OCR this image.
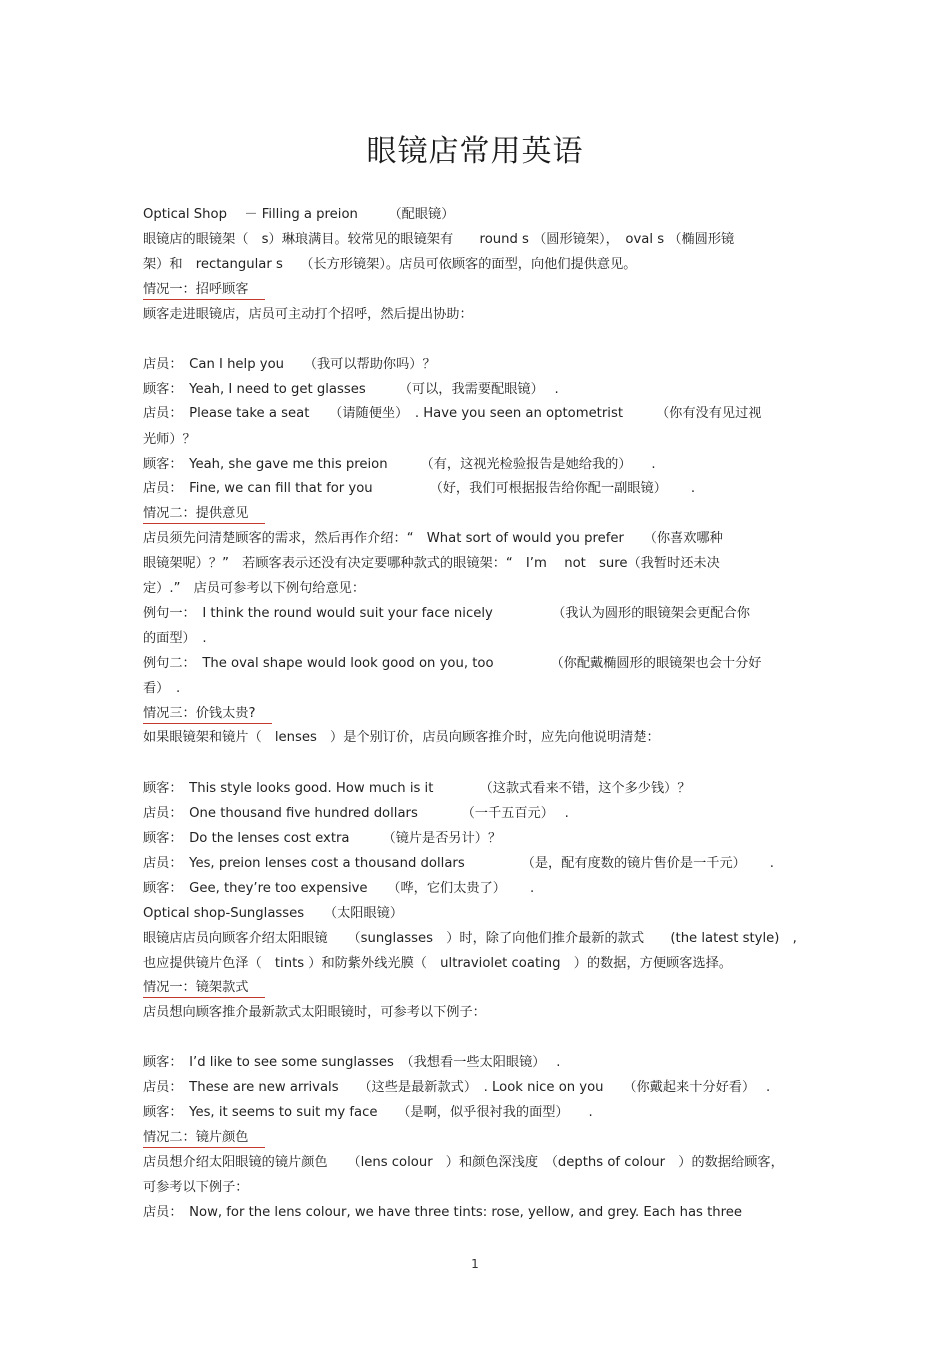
眼镜店常用英语
Optical Shop　 － Filling a preion　　 （配眼镜）
眼镜店的眼镜架（　s）琳琅满目。较常见的眼镜架有　　round s （圆形镜架），　oval s （椭圆形镜
架）和　rectangular s　 （长方形镜架）。店员可依顾客的面型，向他们提供意见。
情况一：招呼顾客
顾客走进眼镜店，店员可主动打个招呼，然后提出协助：
店员：　Can I help you　　（我可以帮助你吗）？
顾客：　Yeah, I need to get glasses　　　（可以，我需要配眼镜）　 .
店员：　Please take a seat　　（请随便坐）　. Have you seen an optometrist　　　（你有没有见过视
光师）？
顾客：　Yeah, she gave me this preion　　　（有，这视光检验报告是她给我的）　　.
店员：　Fine, we can fill that for you　　　　 （好，我们可根据报告给你配一副眼镜）　　 .
情况二：提供意见
店员须先问清楚顾客的需求，然后再作介绍：“　What sort of would you prefer　　（你喜欢哪种
眼镜架呢）？”　若顾客表示还没有决定要哪种款式的眼镜架：“　I’m　 not　sure（我暂时还未决
定）.”　店员可参考以下例句给意见：
例句一：　I think the round would suit your face nicely　　　　　（我认为圆形的眼镜架会更配合你
的面型）　.
例句二：　The oval shape would look good on you, too　　　　 （你配戴椭圆形的眼镜架也会十分好
看）　.
情况三：价钱太贵?
如果眼镜架和镜片（　lenses　）是个别订价，店员向顾客推介时，应先向他说明清楚：
顾客：　This style looks good. How much is it　　　　（这款式看来不错，这个多少钱）？
店员：　One thousand five hundred dollars　　　 （一千五百元）　 .
顾客：　Do the lenses cost extra　　　（镜片是否另计）？
店员：　Yes, preion lenses cost a thousand dollars　　　　 （是，配有度数的镜片售价是一千元）　　 .
顾客：　Gee, they’re too expensive　　（哗，它们太贵了）　　 .
Optical shop-Sunglasses　　（太阳眼镜）
眼镜店店员向顾客介绍太阳眼镜　　（sunglasses　）时，除了向他们推介最新的款式　　(the latest style)　,
也应提供镜片色泽（　tints ）和防紫外线光膜（　ultraviolet coating　）的数据，方便顾客选择。
情况一：镜架款式
店员想向顾客推介最新款式太阳眼镜时，可参考以下例子：
顾客：　I’d like to see some sunglasses　（我想看一些太阳眼镜）　 .
店员：　These are new arrivals　　（这些是最新款式）　. Look nice on you　　（你戴起来十分好看）　 .
顾客：　Yes, it seems to suit my face　　（是啊，似乎很衬我的面型）　　.
情况二：镜片颜色
店员想介绍太阳眼镜的镜片颜色　　（lens colour　）和颜色深浅度　（depths of colour　）的数据给顾客，
可参考以下例子：
店员：　Now, for the lens colour, we have three tints: rose, yellow, and grey. Each has three
1
